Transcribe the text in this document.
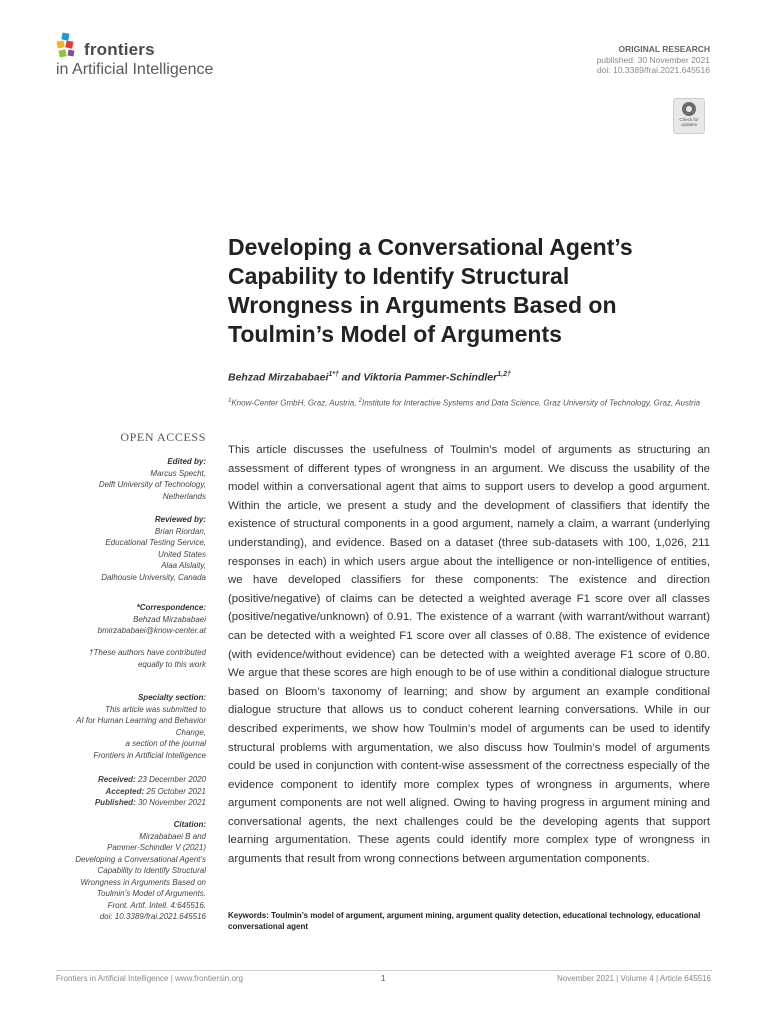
frontiers
in Artificial Intelligence
ORIGINAL RESEARCH
published: 30 November 2021
doi: 10.3389/frai.2021.645516
Check for
updates
Developing a Conversational Agent’s Capability to Identify Structural Wrongness in Arguments Based on Toulmin’s Model of Arguments
Behzad Mirzababaei$^{1*\dagger}$ and Viktoria Pammer-Schindler$^{1,2\dagger}$
$^1$Know-Center GmbH, Graz, Austria, $^2$Institute for Interactive Systems and Data Science, Graz University of Technology, Graz, Austria
OPEN ACCESS
Edited by:
Marcus Specht,
Delft University of Technology,
Netherlands
Reviewed by:
Brian Riordan,
Educational Testing Service,
United States
Alaa Alslaity,
Dalhousie University, Canada
*Correspondence:
Behzad Mirzababaei
bmirzababaei@know-center.at
†These authors have contributed
equally to this work
Specialty section:
This article was submitted to
AI for Human Learning and Behavior
Change,
a section of the journal
Frontiers in Artificial Intelligence
Received: 23 December 2020
Accepted: 25 October 2021
Published: 30 November 2021
Citation:
Mirzababaei B and
Pammer-Schindler V (2021)
Developing a Conversational Agent’s
Capability to Identify Structural
Wrongness in Arguments Based on
Toulmin’s Model of Arguments.
Front. Artif. Intell. 4:645516.
doi: 10.3389/frai.2021.645516

This article discusses the usefulness of Toulmin’s model of arguments as structuring an assessment of different types of wrongness in an argument. We discuss the usability of the model within a conversational agent that aims to support users to develop a good argument. Within the article, we present a study and the development of classifiers that identify the existence of structural components in a good argument, namely a claim, a warrant (underlying understanding), and evidence. Based on a dataset (three sub-datasets with 100, 1,026, 211 responses in each) in which users argue about the intelligence or non-intelligence of entities, we have developed classifiers for these components: The existence and direction (positive/negative) of claims can be detected a weighted average F1 score over all classes (positive/negative/unknown) of 0.91. The existence of a warrant (with warrant/without warrant) can be detected with a weighted F1 score over all classes of 0.88. The existence of evidence (with evidence/without evidence) can be detected with a weighted average F1 score of 0.80. We argue that these scores are high enough to be of use within a conditional dialogue structure based on Bloom’s taxonomy of learning; and show by argument an example conditional dialogue structure that allows us to conduct coherent learning conversations. While in our described experiments, we show how Toulmin’s model of arguments can be used to identify structural problems with argumentation, we also discuss how Toulmin’s model of arguments could be used in conjunction with content-wise assessment of the correctness especially of the evidence component to identify more complex types of wrongness in arguments, where argument components are not well aligned. Owing to having progress in argument mining and conversational agents, the next challenges could be the developing agents that support learning argumentation. These agents could identify more complex type of wrongness in arguments that result from wrong connections between argumentation components.

Keywords: Toulmin’s model of argument, argument mining, argument quality detection, educational technology, educational conversational agent
Frontiers in Artificial Intelligence | www.frontiersin.org	1	November 2021 | Volume 4 | Article 645516
